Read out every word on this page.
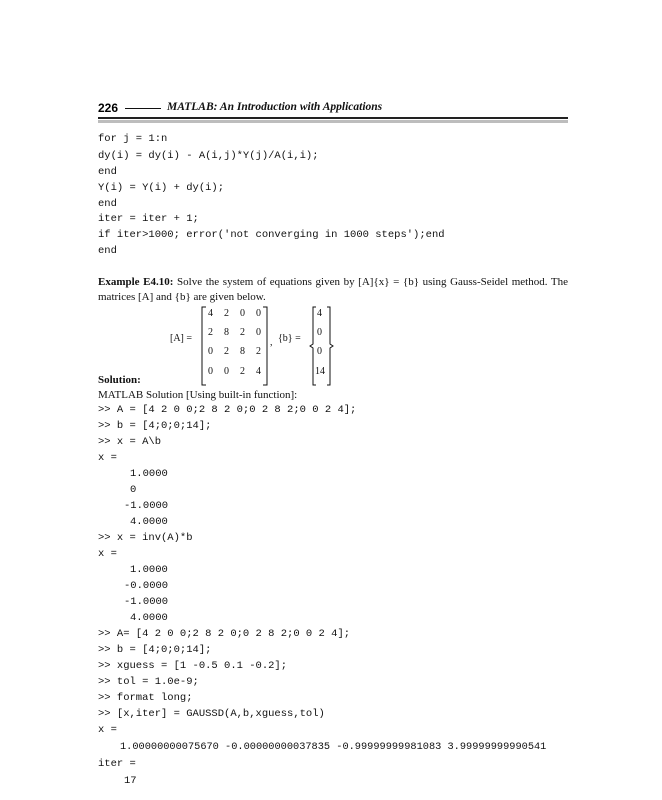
226	MATLAB: An Introduction with Applications
for j = 1:n
dy(i) = dy(i) - A(i,j)*Y(j)/A(i,i);
end
Y(i) = Y(i) + dy(i);
end
iter = iter + 1;
if iter>1000; error('not converging in 1000 steps');end
end
Example E4.10: Solve the system of equations given by [A]{x} = {b} using Gauss-Seidel method. The matrices [A] and {b} are given below.
[A] =
4 2 0 0
2 8 2 0
0 2 8 2
0 0 2 4
, {b} =
4
0
0
14
Solution:
MATLAB Solution [Using built-in function]:
>> A = [4 2 0 0;2 8 2 0;0 2 8 2;0 0 2 4];
>> b = [4;0;0;14];
>> x = A\b
x =
1.0000
0
-1.0000
4.0000
>> x = inv(A)*b
x =
1.0000
-0.0000
-1.0000
4.0000
>> A= [4 2 0 0;2 8 2 0;0 2 8 2;0 0 2 4];
>> b = [4;0;0;14];
>> xguess = [1 -0.5 0.1 -0.2];
>> tol = 1.0e-9;
>> format long;
>> [x,iter] = GAUSSD(A,b,xguess,tol)
x =
1.00000000075670 -0.00000000037835 -0.99999999981083 3.99999999990541
iter =
17
